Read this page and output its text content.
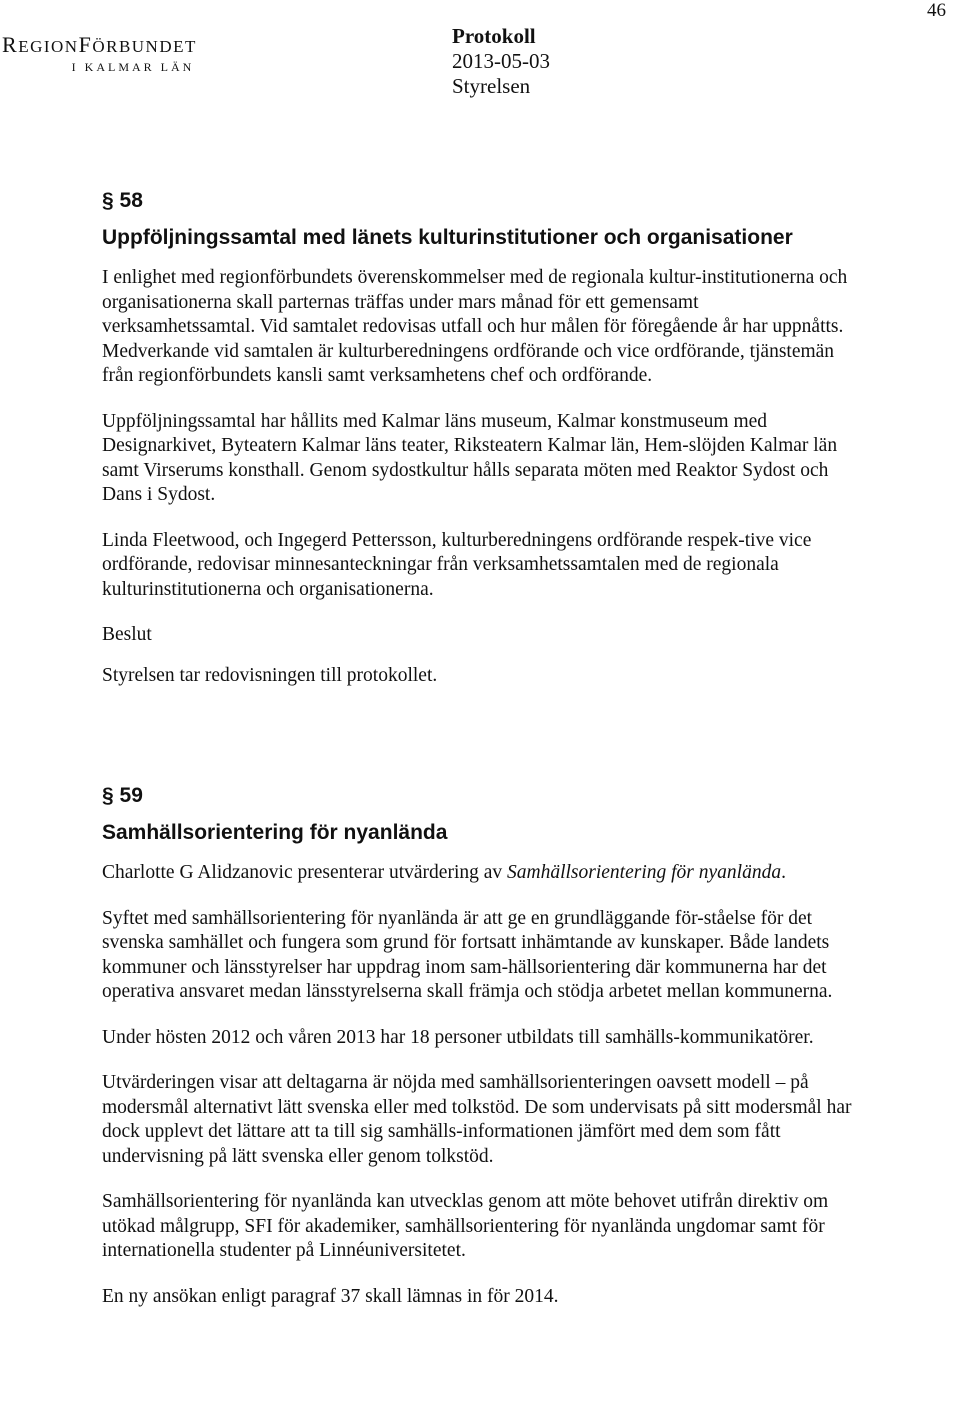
46
REGIONFÖRBUNDET
I KALMAR LÄN
Protokoll
2013-05-03
Styrelsen
§ 58
Uppföljningssamtal med länets kulturinstitutioner och organisationer

I enlighet med regionförbundets överenskommelser med de regionala kultur-institutionerna och organisationerna skall parternas träffas under mars månad för ett gemensamt verksamhetssamtal. Vid samtalet redovisas utfall och hur målen för föregående år har uppnåtts. Medverkande vid samtalen är kulturberedningens ordförande och vice ordförande, tjänstemän från regionförbundets kansli samt verksamhetens chef och ordförande.

Uppföljningssamtal har hållits med Kalmar läns museum, Kalmar konstmuseum med Designarkivet, Byteatern Kalmar läns teater, Riksteatern Kalmar län, Hem-slöjden Kalmar län samt Virserums konsthall. Genom sydostkultur hålls separata möten med Reaktor Sydost och Dans i Sydost.

Linda Fleetwood, och Ingegerd Pettersson, kulturberedningens ordförande respek-tive vice ordförande, redovisar minnesanteckningar från verksamhetssamtalen med de regionala kulturinstitutionerna och organisationerna.

Beslut

Styrelsen tar redovisningen till protokollet.

§ 59
Samhällsorientering för nyanlända

Charlotte G Alidzanovic presenterar utvärdering av Samhällsorientering för nyanlända.

Syftet med samhällsorientering för nyanlända är att ge en grundläggande för-ståelse för det svenska samhället och fungera som grund för fortsatt inhämtande av kunskaper. Både landets kommuner och länsstyrelser har uppdrag inom sam-hällsorientering där kommunerna har det operativa ansvaret medan länsstyrelserna skall främja och stödja arbetet mellan kommunerna.

Under hösten 2012 och våren 2013 har 18 personer utbildats till samhälls-kommunikatörer.

Utvärderingen visar att deltagarna är nöjda med samhällsorienteringen oavsett modell – på modersmål alternativt lätt svenska eller med tolkstöd. De som undervisats på sitt modersmål har dock upplevt det lättare att ta till sig samhälls-informationen jämfört med dem som fått undervisning på lätt svenska eller genom tolkstöd.

Samhällsorientering för nyanlända kan utvecklas genom att möte behovet utifrån direktiv om utökad målgrupp, SFI för akademiker, samhällsorientering för nyanlända ungdomar samt för internationella studenter på Linnéuniversitetet.

En ny ansökan enligt paragraf 37 skall lämnas in för 2014.
